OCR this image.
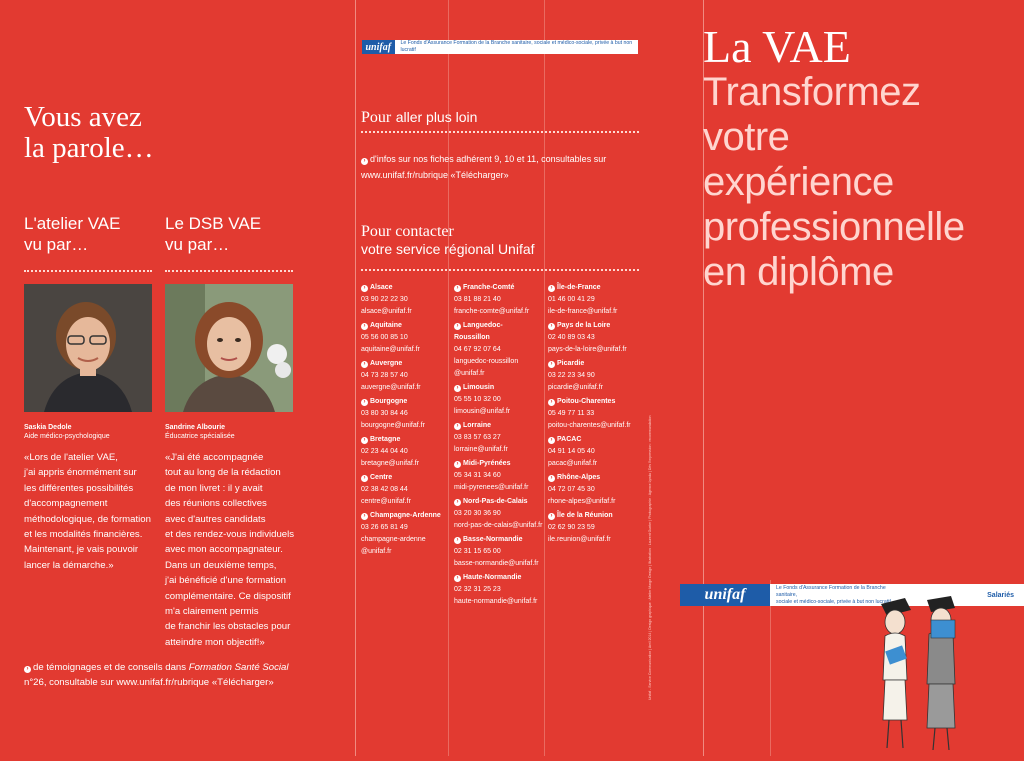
unifaf	Le Fonds d'Assurance Formation de la Branche sanitaire, sociale et médico-sociale, privée à but non lucratif
Vous avez
la parole…
L'atelier VAE
vu par…
Le DSB VAE
vu par…
Saskia Dedole
Aide médico-psychologique
Sandrine Albourie
Éducatrice spécialisée
«Lors de l'atelier VAE,
j'ai appris énormément sur
les différentes possibilités
d'accompagnement
méthodologique, de formation
et les modalités financières.
Maintenant, je vais pouvoir
lancer la démarche.»
«J'ai été accompagnée
tout au long de la rédaction
de mon livret : il y avait
des réunions collectives
avec d'autres candidats
et des rendez-vous individuels
avec mon accompagnateur.
Dans un deuxième temps,
j'ai bénéficié d'une formation
complémentaire. Ce dispositif
m'a clairement permis
de franchir les obstacles pour
atteindre mon objectif!»
› de témoignages et de conseils dans Formation Santé Social
n°26, consultable sur www.unifaf.fr/rubrique «Télécharger»
Pour aller plus loin
› d'infos sur nos fiches adhérent 9, 10 et 11, consultables sur
www.unifaf.fr/rubrique «Télécharger»
Pour contacter
votre service régional Unifaf
› Alsace
03 90 22 22 30
alsace@unifaf.fr
› Aquitaine
05 56 00 85 10
aquitaine@unifaf.fr
› Auvergne
04 73 28 57 40
auvergne@unifaf.fr
› Bourgogne
03 80 30 84 46
bourgogne@unifaf.fr
› Bretagne
02 23 44 04 40
bretagne@unifaf.fr
› Centre
02 38 42 08 44
centre@unifaf.fr
› Champagne-Ardenne
03 26 65 81 49
champagne-ardenne
@unifaf.fr
› Franche-Comté
03 81 88 21 40
franche-comte@unifaf.fr
› Languedoc-
Roussillon
04 67 92 07 64
languedoc-roussillon
@unifaf.fr
› Limousin
05 55 10 32 00
limousin@unifaf.fr
› Lorraine
03 83 57 63 27
lorraine@unifaf.fr
› Midi-Pyrénées
05 34 31 34 60
midi-pyrenees@unifaf.fr
› Nord-Pas-de-Calais
03 20 30 36 90
nord-pas-de-calais@unifaf.fr
› Basse-Normandie
02 31 15 65 00
basse-normandie@unifaf.fr
› Haute-Normandie
02 32 31 25 23
haute-normandie@unifaf.fr
› Île-de-France
01 46 00 41 29
ile-de-france@unifaf.fr
› Pays de la Loire
02 40 89 03 43
pays-de-la-loire@unifaf.fr
› Picardie
03 22 23 34 90
picardie@unifaf.fr
› Poitou-Charentes
05 49 77 11 33
poitou-charentes@unifaf.fr
› PACAC
04 91 14 05 40
pacac@unifaf.fr
› Rhône-Alpes
04 72 07 45 30
rhone-alpes@unifaf.fr
› Île de la Réunion
02 62 90 23 59
ile.reunion@unifaf.fr	Unifaf - Service Communication | Avril 2014 | Design graphique : Atelier Marge Design | Illustration : Laurent Gunter | Photographie : Agence Lynda | Dès l'impression : recommandation
La VAE
Transformez
votre
expérience
professionnelle
en diplôme
unifaf	Le Fonds d'Assurance Formation de la Branche sanitaire,
sociale et médico-sociale, privée à but non lucratif
Salariés
